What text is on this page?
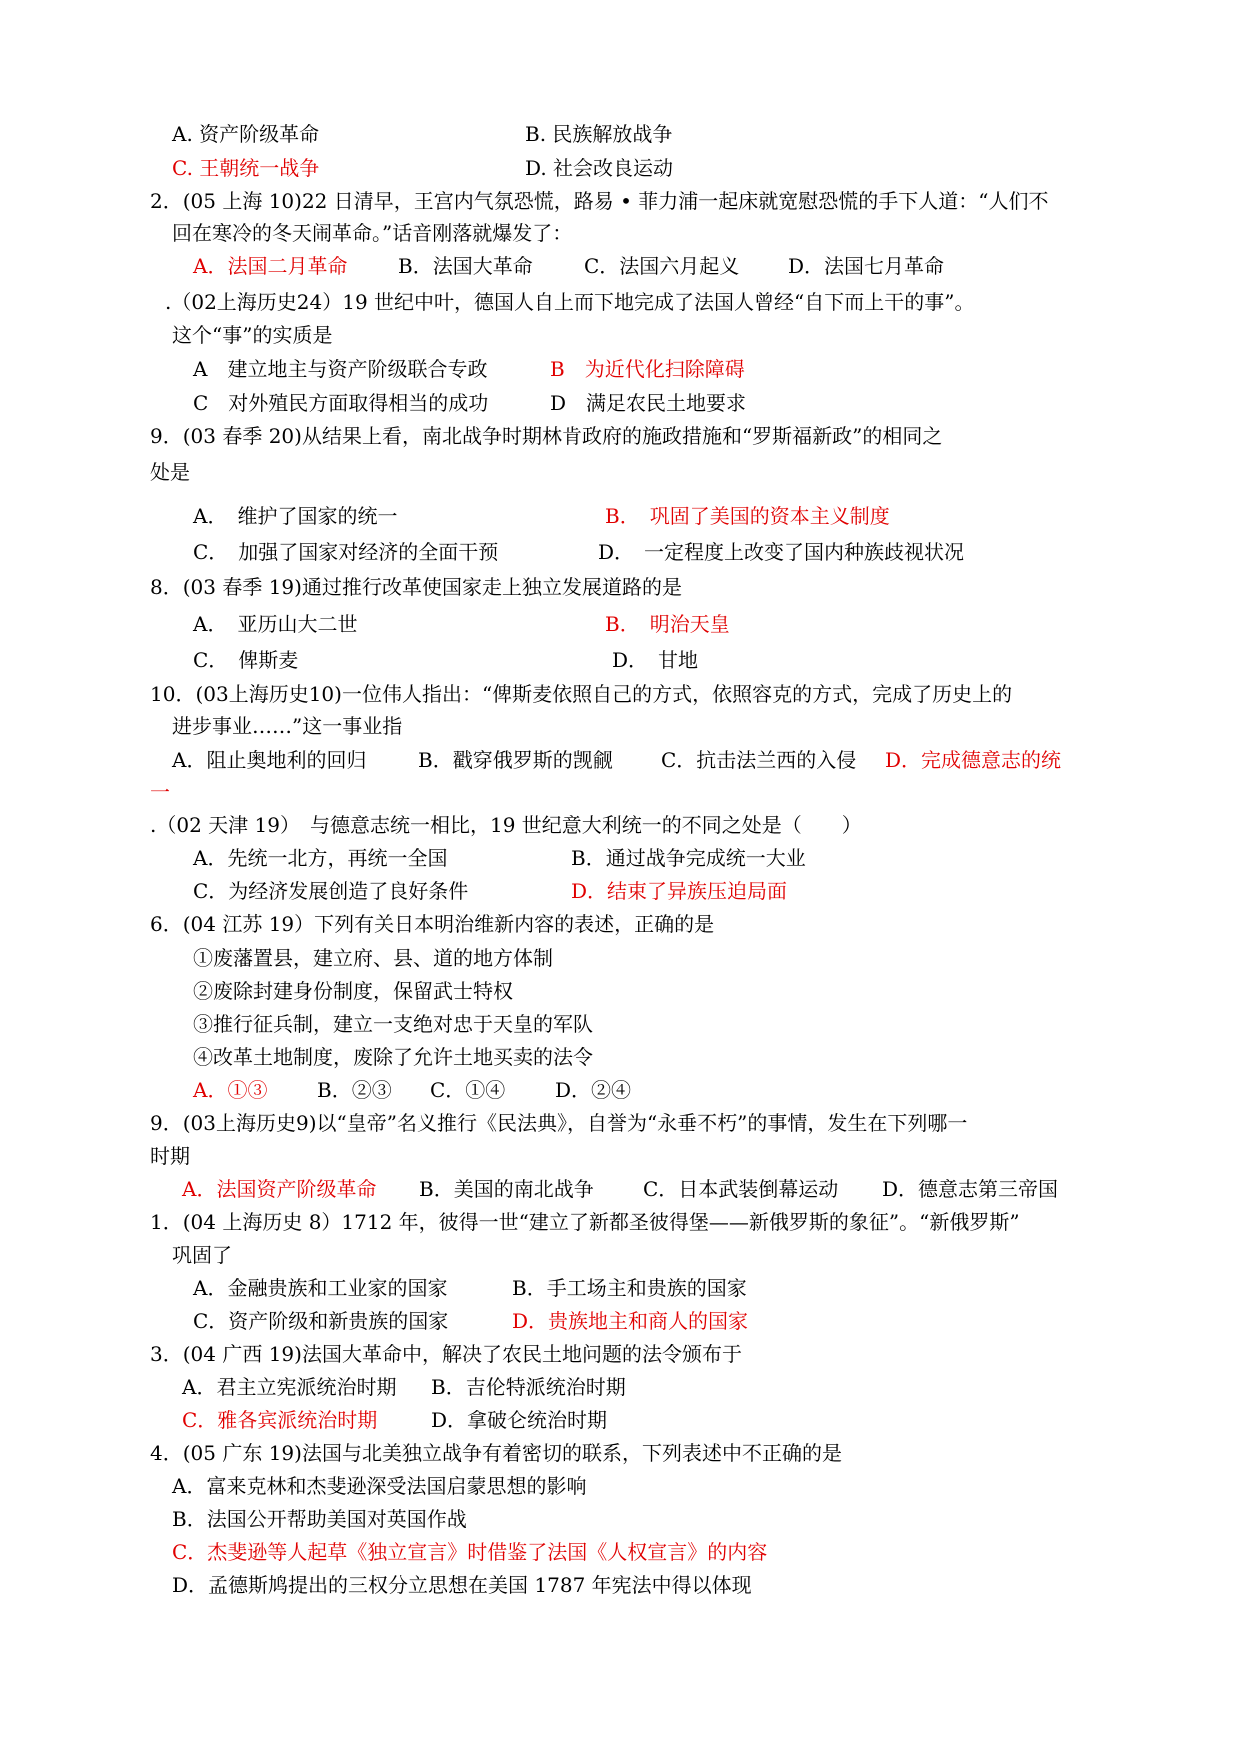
A. 资产阶级革命	B. 民族解放战争
C. 王朝统一战争	D. 社会改良运动
2．(05 上海 10)22 日清早，王宫内气氛恐慌，路易 • 菲力浦一起床就宽慰恐慌的手下人道：“人们不
回在寒冷的冬天闹革命。”话音刚落就爆发了：
A．法国二月革命	B．法国大革命	C．法国六月起义 D．法国七月革命
.（02上海历史24）19 世纪中叶，德国人自上而下地完成了法国人曾经“自下而上干的事”。
这个“事”的实质是
A　建立地主与资产阶级联合专政	B　为近代化扫除障碍
C　对外殖民方面取得相当的成功	D　满足农民土地要求
9．(03 春季 20)从结果上看，南北战争时期林肯政府的施政措施和“罗斯福新政”的相同之
处是
A．　维护了国家的统一	B．　巩固了美国的资本主义制度
C．　加强了国家对经济的全面干预	D．　一定程度上改变了国内种族歧视状况
8．(03 春季 19)通过推行改革使国家走上独立发展道路的是
A．　亚历山大二世	B．　明治天皇
C．　俾斯麦	D．　甘地
10．(03上海历史10)一位伟人指出：“俾斯麦依照自己的方式，依照容克的方式，完成了历史上的
进步事业……”这一事业指
A．阻止奥地利的回归	B．戳穿俄罗斯的觊觎 C．抗击法兰西的入侵 D．完成德意志的统
一
.（02 天津 19）　与德意志统一相比，19 世纪意大利统一的不同之处是（　　）
A．先统一北方，再统一全国	B．通过战争完成统一大业
C．为经济发展创造了良好条件	D．结束了异族压迫局面
6．(04 江苏 19）下列有关日本明治维新内容的表述，正确的是
①废藩置县，建立府、县、道的地方体制
②废除封建身份制度，保留武士特权
③推行征兵制，建立一支绝对忠于天皇的军队
④改革土地制度，废除了允许土地买卖的法令
A．①③ B．②③ C．①④ D．②④
9．(03上海历史9)以“皇帝”名义推行《民法典》，自誉为“永垂不朽”的事情，发生在下列哪一
时期
A．法国资产阶级革命 B．美国的南北战争 C．日本武装倒幕运动 D．德意志第三帝国
1．(04 上海历史 8）1712 年，彼得一世“建立了新都圣彼得堡——新俄罗斯的象征”。“新俄罗斯”
巩固了
A．金融贵族和工业家的国家	B．手工场主和贵族的国家
C．资产阶级和新贵族的国家	D．贵族地主和商人的国家
3．(04 广西 19)法国大革命中，解决了农民土地问题的法令颁布于
A．君主立宪派统治时期 B．吉伦特派统治时期
C．雅各宾派统治时期	D．拿破仑统治时期
4．(05 广东 19)法国与北美独立战争有着密切的联系，下列表述中不正确的是
A．富来克林和杰斐逊深受法国启蒙思想的影响
B．法国公开帮助美国对英国作战
C．杰斐逊等人起草《独立宣言》时借鉴了法国《人权宣言》的内容
D．孟德斯鸠提出的三权分立思想在美国 1787 年宪法中得以体现
